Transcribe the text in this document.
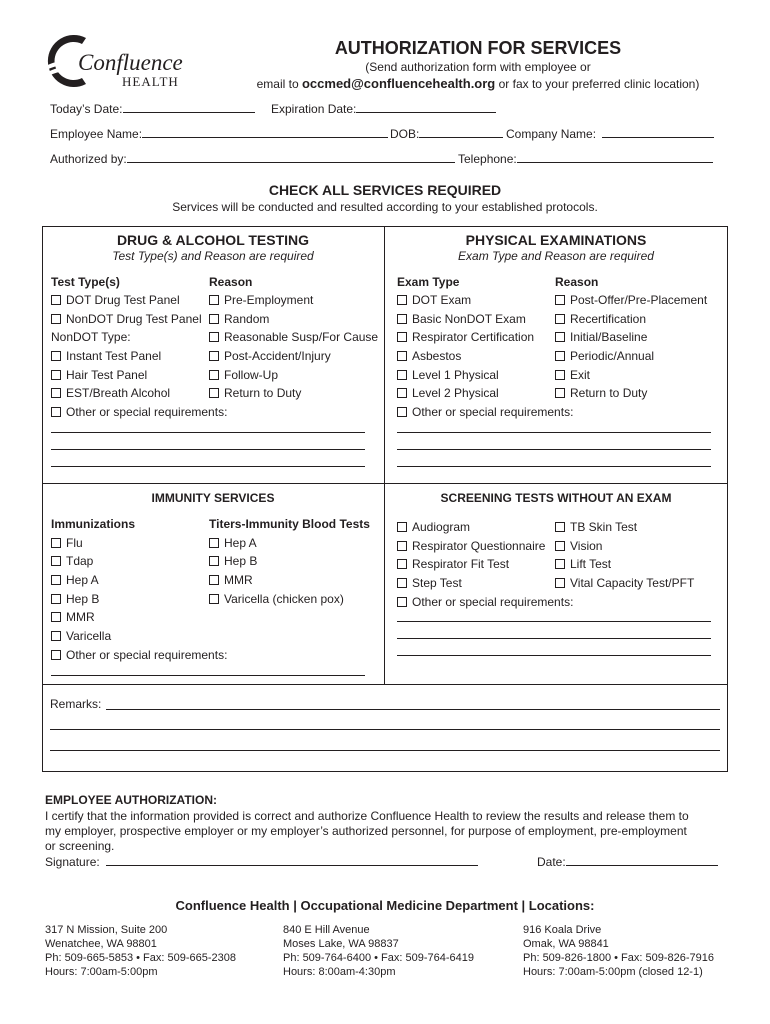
Confluence
HEALTH
AUTHORIZATION FOR SERVICES
(Send authorization form with employee or
email to occmed@confluencehealth.org or fax to your preferred clinic location)
Today’s Date:	Expiration Date:
Employee Name:	DOB:	Company Name:
Authorized by:	Telephone:
CHECK ALL SERVICES REQUIRED
Services will be conducted and resulted according to your established protocols.
DRUG & ALCOHOL TESTING
Test Type(s) and Reason are required
Test Type(s)	Reason
DOT Drug Test Panel
NonDOT Drug Test Panel
NonDOT Type:
Instant Test Panel
Hair Test Panel
EST/Breath Alcohol
Pre-Employment
Random
Reasonable Susp/For Cause
Post-Accident/Injury
Follow-Up
Return to Duty
Other or special requirements:
PHYSICAL EXAMINATIONS
Exam Type and Reason are required
Exam Type	Reason
DOT Exam
Basic NonDOT Exam
Respirator Certification
Asbestos
Level 1 Physical
Level 2 Physical
Post-Offer/Pre-Placement
Recertification
Initial/Baseline
Periodic/Annual
Exit
Return to Duty
Other or special requirements:
IMMUNITY SERVICES
Immunizations	Titers-Immunity Blood Tests
Flu
Tdap
Hep A
Hep B
MMR
Varicella
Hep A
Hep B
MMR
Varicella (chicken pox)
Other or special requirements:
SCREENING TESTS WITHOUT AN EXAM
Audiogram
Respirator Questionnaire
Respirator Fit Test
Step Test
TB Skin Test
Vision
Lift Test
Vital Capacity Test/PFT
Other or special requirements:
Remarks:
EMPLOYEE AUTHORIZATION:
I certify that the information provided is correct and authorize Confluence Health to review the results and release them to
my employer, prospective employer or my employer’s authorized personnel, for purpose of employment, pre-employment
or screening.
Signature:	Date:
Confluence Health | Occupational Medicine Department | Locations:
317 N Mission, Suite 200
Wenatchee, WA 98801
Ph: 509-665-5853 • Fax: 509-665-2308
Hours: 7:00am-5:00pm
840 E Hill Avenue
Moses Lake, WA 98837
Ph: 509-764-6400 • Fax: 509-764-6419
Hours: 8:00am-4:30pm
916 Koala Drive
Omak, WA 98841
Ph: 509-826-1800 • Fax: 509-826-7916
Hours: 7:00am-5:00pm (closed 12-1)
